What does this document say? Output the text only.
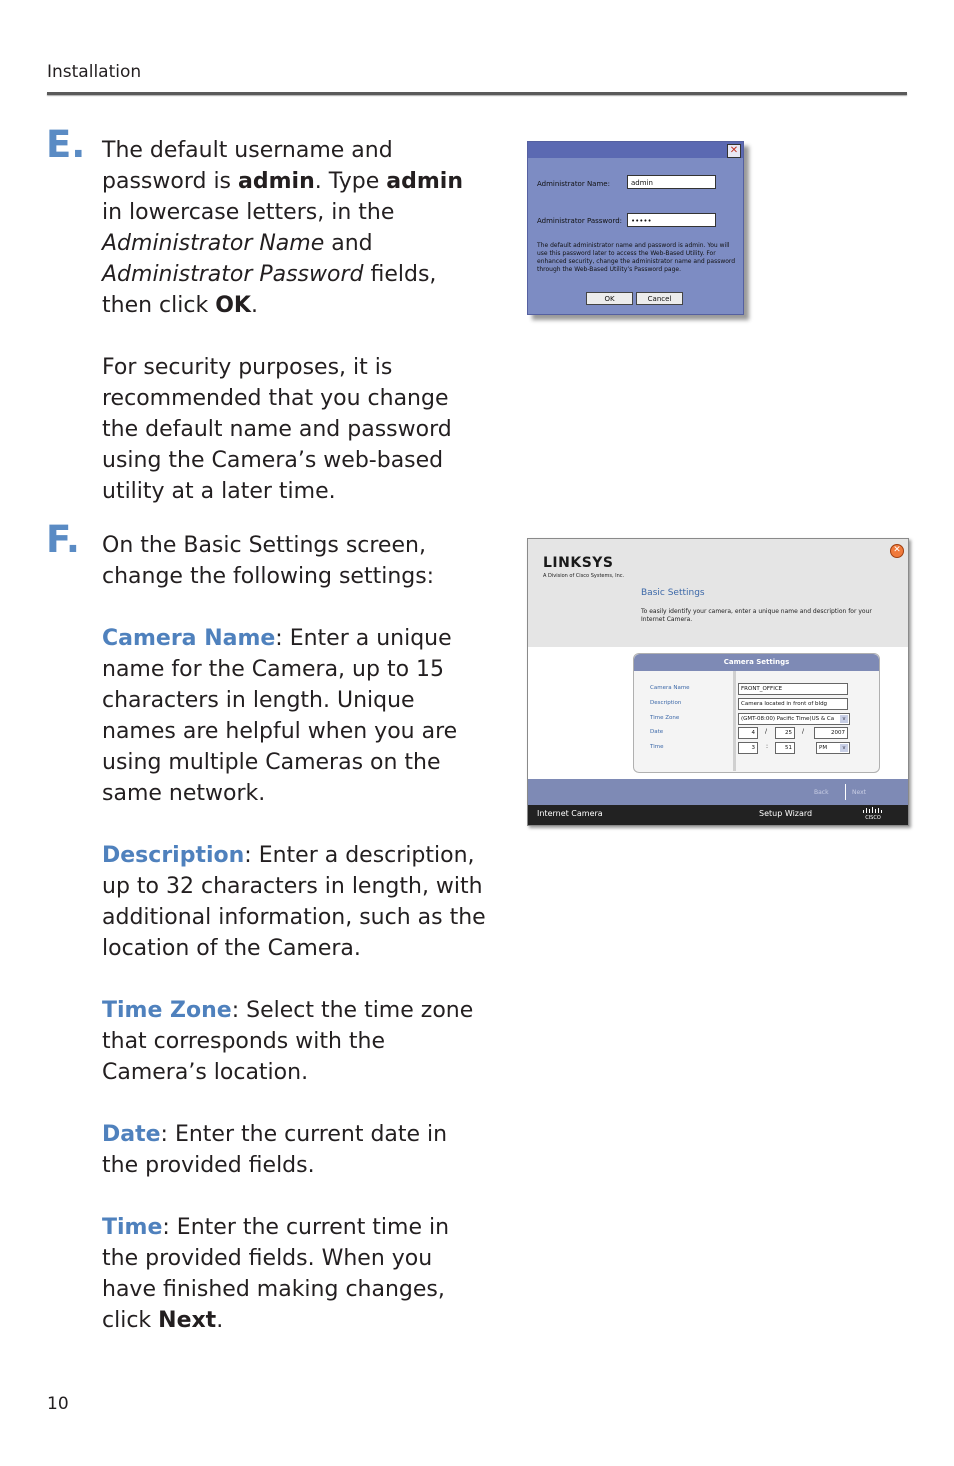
Installation
E. The default username and password is admin. Type admin in lowercase letters, in the Administrator Name and Administrator Password fields, then click OK.

For security purposes, it is recommended that you change the default name and password using the Camera’s web-based utility at a later time.

F. On the Basic Settings screen, change the following settings:

Camera Name: Enter a unique name for the Camera, up to 15 characters in length. Unique names are helpful when you are using multiple Cameras on the same network.

Description: Enter a description, up to 32 characters in length, with additional information, such as the location of the Camera.

Time Zone: Select the time zone that corresponds with the Camera’s location.

Date: Enter the current date in the provided fields.

Time: Enter the current time in the provided fields. When you have finished making changes, click Next.

10
✕
Administrator Name:	admin
Administrator Password:	•••••
The default administrator name and password is admin. You will use this password later to access the Web-Based Utility. For enhanced security, change the administrator name and password through the Web-Based Utility’s Password page.
OK	Cancel
LINKSYS
A Division of Cisco Systems, Inc.
✕
Basic Settings
To easily identify your camera, enter a unique name and description for your Internet Camera.
Camera Settings
Camera Name	FRONT_OFFICE
Description	Camera located in front of bldg
Time Zone	(GMT-08:00) Pacific Time(US & Ca	v
Date	4	/	25	/	2007
Time	3	:	51	PM	v
Back	Next
Internet Camera	Setup Wizard	CISCO
